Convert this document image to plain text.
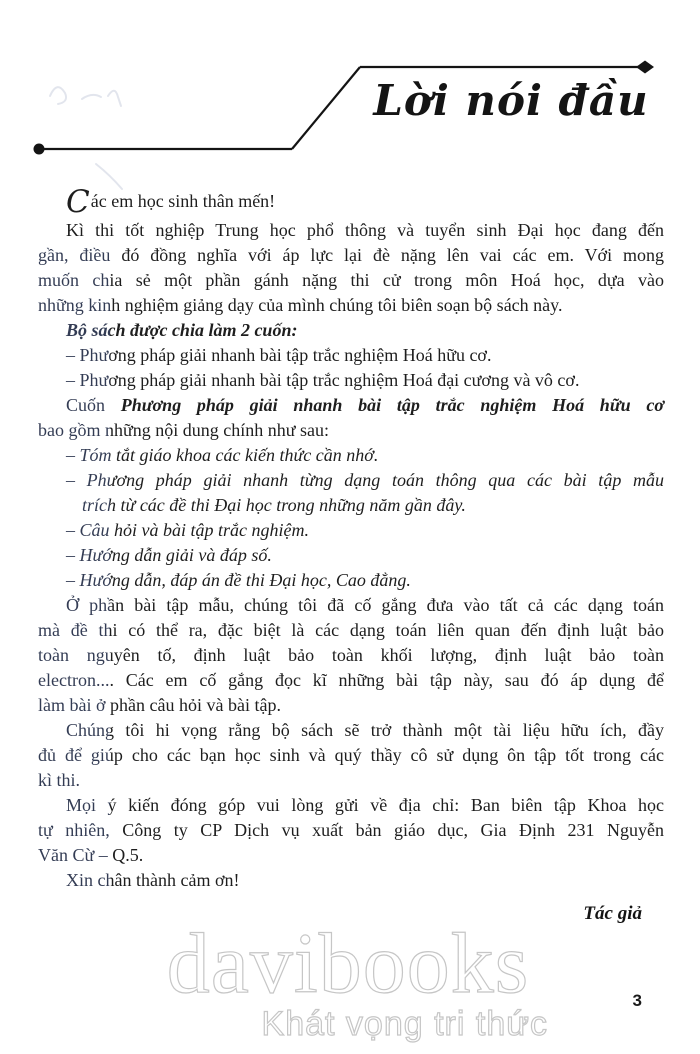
Lời nói đầu
Các em học sinh thân mến!
Kì thi tốt nghiệp Trung học phổ thông và tuyển sinh Đại học đang đến
gần, điều đó đồng nghĩa với áp lực lại đè nặng lên vai các em. Với mong
muốn chia sẻ một phần gánh nặng thi cử trong môn Hoá học, dựa vào
những kinh nghiệm giảng dạy của mình chúng tôi biên soạn bộ sách này.
Bộ sách được chia làm 2 cuốn:
– Phương pháp giải nhanh bài tập trắc nghiệm Hoá hữu cơ.
– Phương pháp giải nhanh bài tập trắc nghiệm Hoá đại cương và vô cơ.
Cuốn Phương pháp giải nhanh bài tập trắc nghiệm Hoá hữu cơ
bao gồm những nội dung chính như sau:
– Tóm tắt giáo khoa các kiến thức cần nhớ.
– Phương pháp giải nhanh từng dạng toán thông qua các bài tập mẫu
trích từ các đề thi Đại học trong những năm gần đây.
– Câu hỏi và bài tập trắc nghiệm.
– Hướng dẫn giải và đáp số.
– Hướng dẫn, đáp án đề thi Đại học, Cao đẳng.
Ở phần bài tập mẫu, chúng tôi đã cố gắng đưa vào tất cả các dạng toán
mà đề thi có thể ra, đặc biệt là các dạng toán liên quan đến định luật bảo
toàn nguyên tố, định luật bảo toàn khối lượng, định luật bảo toàn
electron.... Các em cố gắng đọc kĩ những bài tập này, sau đó áp dụng để
làm bài ở phần câu hỏi và bài tập.
Chúng tôi hi vọng rằng bộ sách sẽ trở thành một tài liệu hữu ích, đầy
đủ để giúp cho các bạn học sinh và quý thầy cô sử dụng ôn tập tốt trong các
kì thi.
Mọi ý kiến đóng góp vui lòng gửi về địa chỉ: Ban biên tập Khoa học
tự nhiên, Công ty CP Dịch vụ xuất bản giáo dục, Gia Định 231 Nguyễn
Văn Cừ – Q.5.
Xin chân thành cảm ơn!
Tác giả
davibooks
Khát vọng tri thức
3
